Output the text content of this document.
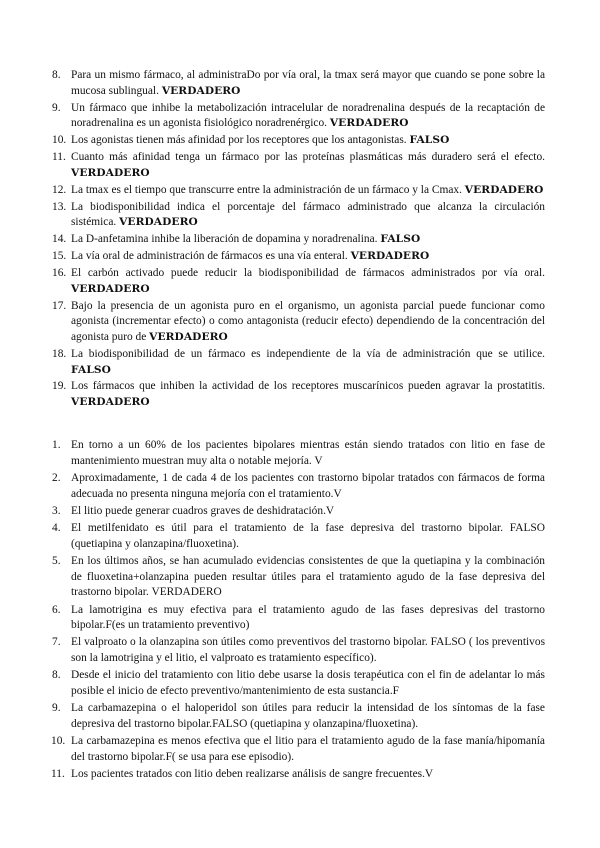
8. Para un mismo fármaco, al administraDo por vía oral, la tmax será mayor que cuando se pone sobre la mucosa sublingual. VERDADERO
9. Un fármaco que inhibe la metabolización intracelular de noradrenalina después de la recaptación de noradrenalina es un agonista fisiológico noradrenérgico. VERDADERO
10. Los agonistas tienen más afinidad por los receptores que los antagonistas. FALSO
11. Cuanto más afinidad tenga un fármaco por las proteínas plasmáticas más duradero será el efecto. VERDADERO
12. La tmax es el tiempo que transcurre entre la administración de un fármaco y la Cmax. VERDADERO
13. La biodisponibilidad indica el porcentaje del fármaco administrado que alcanza la circulación sistémica. VERDADERO
14. La D-anfetamina inhibe la liberación de dopamina y noradrenalina. FALSO
15. La vía oral de administración de fármacos es una vía enteral. VERDADERO
16. El carbón activado puede reducir la biodisponibilidad de fármacos administrados por vía oral. VERDADERO
17. Bajo la presencia de un agonista puro en el organismo, un agonista parcial puede funcionar como agonista (incrementar efecto) o como antagonista (reducir efecto) dependiendo de la concentración del agonista puro de VERDADERO
18. La biodisponibilidad de un fármaco es independiente de la vía de administración que se utilice. FALSO
19. Los fármacos que inhiben la actividad de los receptores muscarínicos pueden agravar la prostatitis. VERDADERO
1. En torno a un 60% de los pacientes bipolares mientras están siendo tratados con litio en fase de mantenimiento muestran muy alta o notable mejoría. V
2. Aproximadamente, 1 de cada 4 de los pacientes con trastorno bipolar tratados con fármacos de forma adecuada no presenta ninguna mejoría con el tratamiento.V
3. El litio puede generar cuadros graves de deshidratación.V
4. El metilfenidato es útil para el tratamiento de la fase depresiva del trastorno bipolar. FALSO (quetiapina y olanzapina/fluoxetina).
5. En los últimos años, se han acumulado evidencias consistentes de que la quetiapina y la combinación de fluoxetina+olanzapina pueden resultar útiles para el tratamiento agudo de la fase depresiva del trastorno bipolar. VERDADERO
6. La lamotrigina es muy efectiva para el tratamiento agudo de las fases depresivas del trastorno bipolar.F(es un tratamiento preventivo)
7. El valproato o la olanzapina son útiles como preventivos del trastorno bipolar. FALSO ( los preventivos son la lamotrigina y el litio, el valproato es tratamiento específico).
8. Desde el inicio del tratamiento con litio debe usarse la dosis terapéutica con el fin de adelantar lo más posible el inicio de efecto preventivo/mantenimiento de esta sustancia.F
9. La carbamazepina o el haloperidol son útiles para reducir la intensidad de los síntomas de la fase depresiva del trastorno bipolar.FALSO (quetiapina y olanzapina/fluoxetina).
10. La carbamazepina es menos efectiva que el litio para el tratamiento agudo de la fase manía/hipomanía del trastorno bipolar.F( se usa para ese episodio).
11. Los pacientes tratados con litio deben realizarse análisis de sangre frecuentes.V
